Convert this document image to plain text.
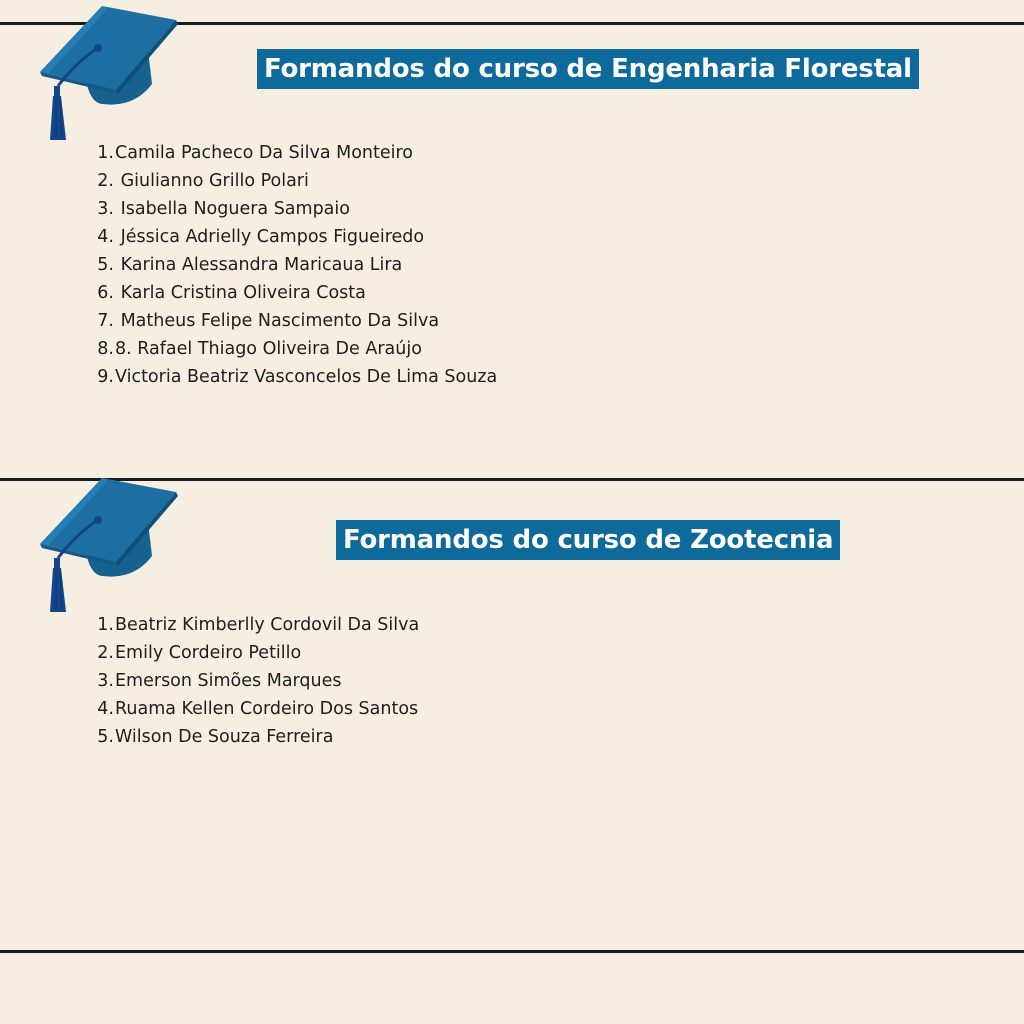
Formandos do curso de Engenharia Florestal
1.Camila Pacheco Da Silva Monteiro
2. Giulianno Grillo Polari
3. Isabella Noguera Sampaio
4. Jéssica Adrielly Campos Figueiredo
5. Karina Alessandra Maricaua Lira
6. Karla Cristina Oliveira Costa
7. Matheus Felipe Nascimento Da Silva
8.8. Rafael Thiago Oliveira De Araújo
9.Victoria Beatriz Vasconcelos De Lima Souza
Formandos do curso de Zootecnia
1.Beatriz Kimberlly Cordovil Da Silva
2.Emily Cordeiro Petillo
3.Emerson Simões Marques
4.Ruama Kellen Cordeiro Dos Santos
5.Wilson De Souza Ferreira
